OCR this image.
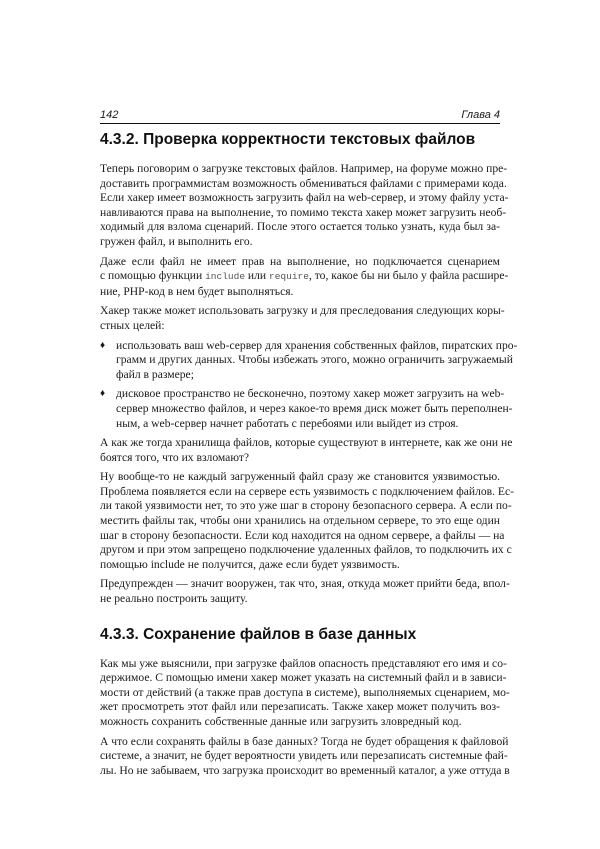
142	Глава 4
4.3.2. Проверка корректности текстовых файлов
Теперь поговорим о загрузке текстовых файлов. Например, на форуме можно пре-
доставить программистам возможность обмениваться файлами с примерами кода.
Если хакер имеет возможность загрузить файл на web-сервер, и этому файлу уста-
навливаются права на выполнение, то помимо текста хакер может загрузить необ-
ходимый для взлома сценарий. После этого остается только узнать, куда был за-
гружен файл, и выполнить его.
Даже если файл не имеет прав на выполнение, но подключается сценарием
с помощью функции include или require, то, какое бы ни было у файла расшире-
ние, PHP-код в нем будет выполняться.
Хакер также может использовать загрузку и для преследования следующих коры-
стных целей:
♦ использовать ваш web-сервер для хранения собственных файлов, пиратских про-
грамм и других данных. Чтобы избежать этого, можно ограничить загружаемый
файл в размере;
♦ дисковое пространство не бесконечно, поэтому хакер может загрузить на web-
сервер множество файлов, и через какое-то время диск может быть переполнен-
ным, а web-сервер начнет работать с перебоями или выйдет из строя.
А как же тогда хранилища файлов, которые существуют в интернете, как же они не
боятся того, что их взломают?
Ну вообще-то не каждый загруженный файл сразу же становится уязвимостью.
Проблема появляется если на сервере есть уязвимость с подключением файлов. Ес-
ли такой уязвимости нет, то это уже шаг в сторону безопасного сервера. А если по-
местить файлы так, чтобы они хранились на отдельном сервере, то это еще один
шаг в сторону безопасности. Если код находится на одном сервере, а файлы — на
другом и при этом запрещено подключение удаленных файлов, то подключить их с
помощью include не получится, даже если будет уязвимость.
Предупрежден — значит вооружен, так что, зная, откуда может прийти беда, впол-
не реально построить защиту.
4.3.3. Сохранение файлов в базе данных
Как мы уже выяснили, при загрузке файлов опасность представляют его имя и со-
держимое. С помощью имени хакер может указать на системный файл и в зависи-
мости от действий (а также прав доступа в системе), выполняемых сценарием, мо-
жет просмотреть этот файл или перезаписать. Также хакер может получить воз-
можность сохранить собственные данные или загрузить зловредный код.
А что если сохранять файлы в базе данных? Тогда не будет обращения к файловой
системе, а значит, не будет вероятности увидеть или перезаписать системные фай-
лы. Но не забываем, что загрузка происходит во временный каталог, а уже оттуда в
